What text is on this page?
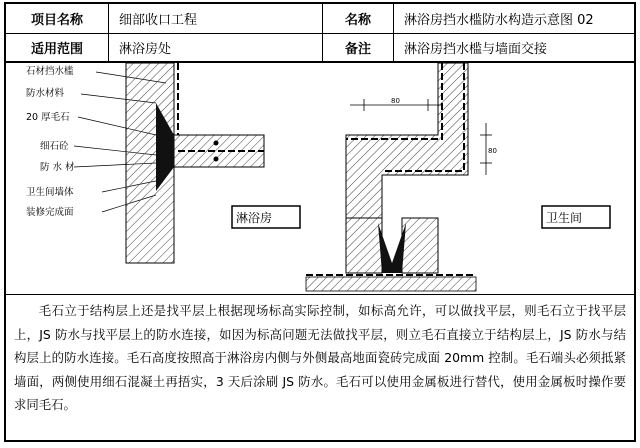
项目名称	细部收口工程	名称	淋浴房挡水槛防水构造示意图 02
适用范围	淋浴房处	备注	淋浴房挡水槛与墙面交接
石材挡水槛
防水材料
20 厚毛石
细石砼
防 水 材
卫生间墙体
装修完成面	淋浴房
80
80
卫生间
毛石立于结构层上还是找平层上根据现场标高实际控制，如标高允许，可以做找平层，则毛石立于找平层上，JS 防水与找平层上的防水连接，如因为标高问题无法做找平层，则立毛石直接立于结构层上，JS 防水与结构层上的防水连接。毛石高度按照高于淋浴房内侧与外侧最高地面瓷砖完成面 20mm 控制。毛石端头必须抵紧墙面，两侧使用细石混凝土再捂实，3 天后涂刷 JS 防水。毛石可以使用金属板进行替代，使用金属板时操作要求同毛石。
